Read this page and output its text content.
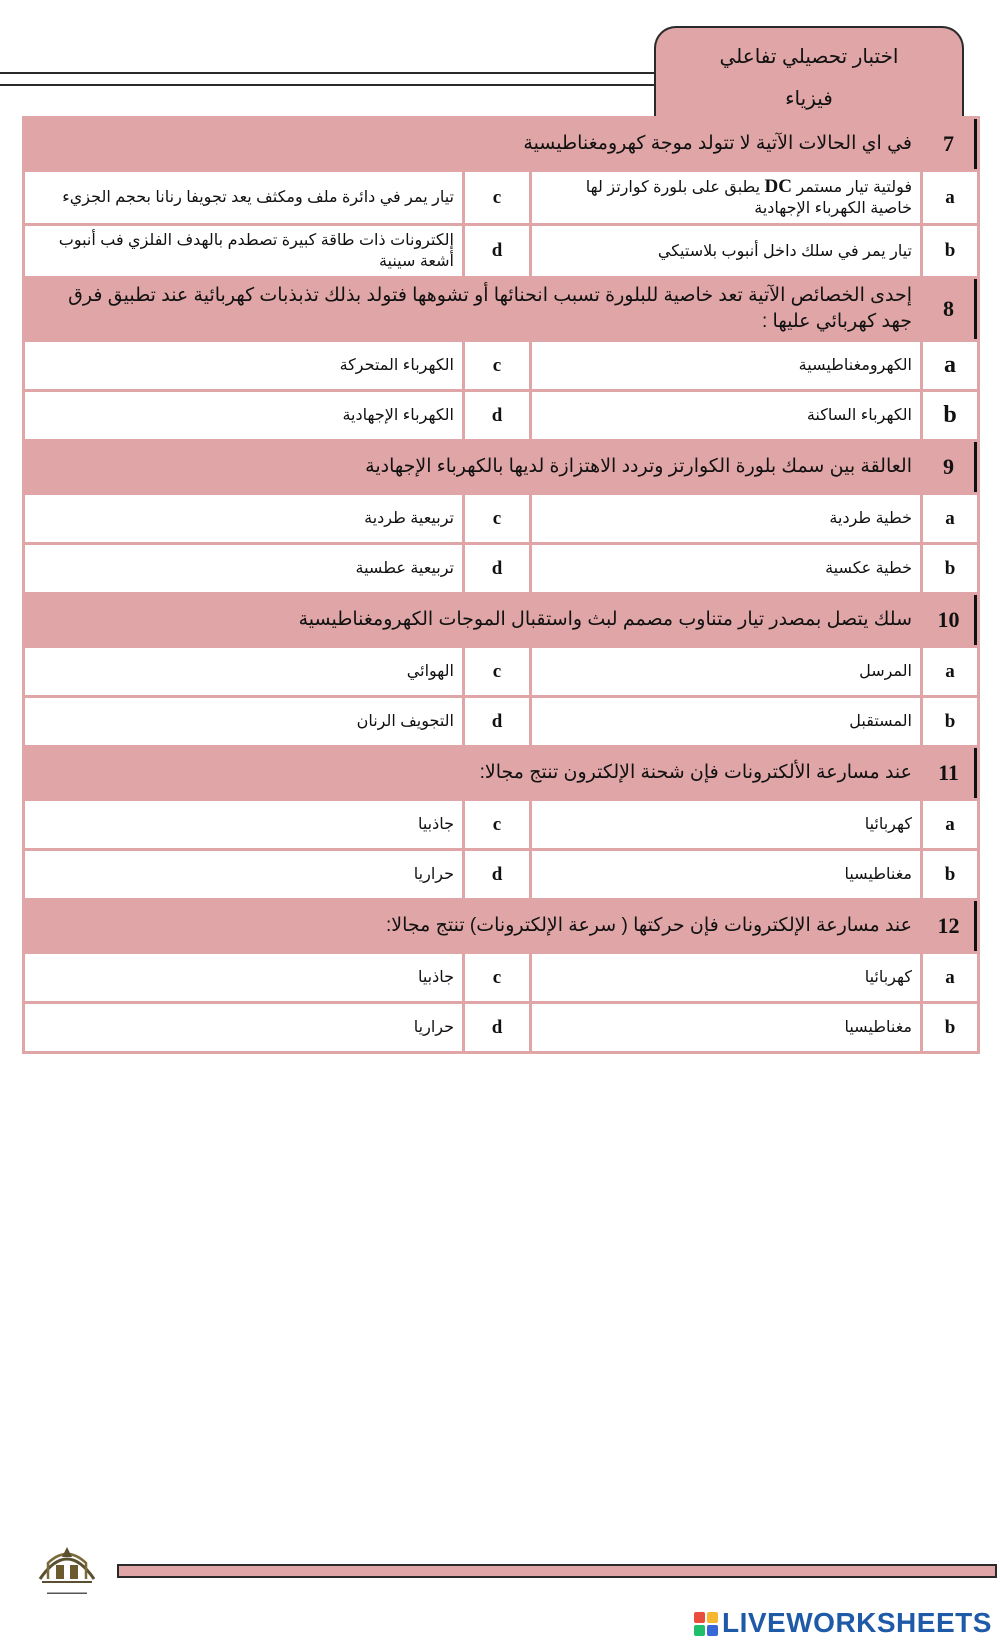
اختبار تحصيلي تفاعلي
فيزياء
7	في اي الحالات الآتية لا تتولد موجة كهرومغناطيسية		
a	فولتية تيار مستمر DC يطبق على بلورة كوارتز لها خاصية الكهرباء الإجهادية	c	تيار يمر في دائرة ملف ومكثف يعد تجويفا رنانا بحجم الجزيء
b	تيار يمر في سلك داخل أنبوب بلاستيكي	d	إلكترونات ذات طاقة كبيرة تصطدم بالهدف الفلزي فب أنبوب أشعة سينية
8	إحدى الخصائص الآتية تعد خاصية للبلورة تسبب انحنائها أو تشوهها فتولد بذلك تذبذبات كهربائية عند تطبيق فرق جهد كهربائي عليها :		
a	الكهرومغناطيسية	c	الكهرباء المتحركة
b	الكهرباء الساكنة	d	الكهرباء الإجهادية
9	العالقة بين سمك بلورة الكوارتز وتردد الاهتزازة لديها بالكهرباء الإجهادية		
a	خطية طردية	c	تربيعية طردية
b	خطية عكسية	d	تربيعية عطسية
10	سلك يتصل بمصدر تيار متناوب مصمم لبث واستقبال الموجات الكهرومغناطيسية		
a	المرسل	c	الهوائي
b	المستقبل	d	التجويف الرنان
11	عند مسارعة الألكترونات فإن شحنة الإلكترون تنتج مجالا:		
a	كهربائيا	c	جاذبيا
b	مغناطيسيا	d	حراريا
12	عند مسارعة الإلكترونات فإن حركتها ( سرعة الإلكترونات) تنتج مجالا:		
a	كهربائيا	c	جاذبيا
b	مغناطيسيا	d	حراريا
▬▬▬▬▬▬▬▬
LIVEWORKSHEETS
